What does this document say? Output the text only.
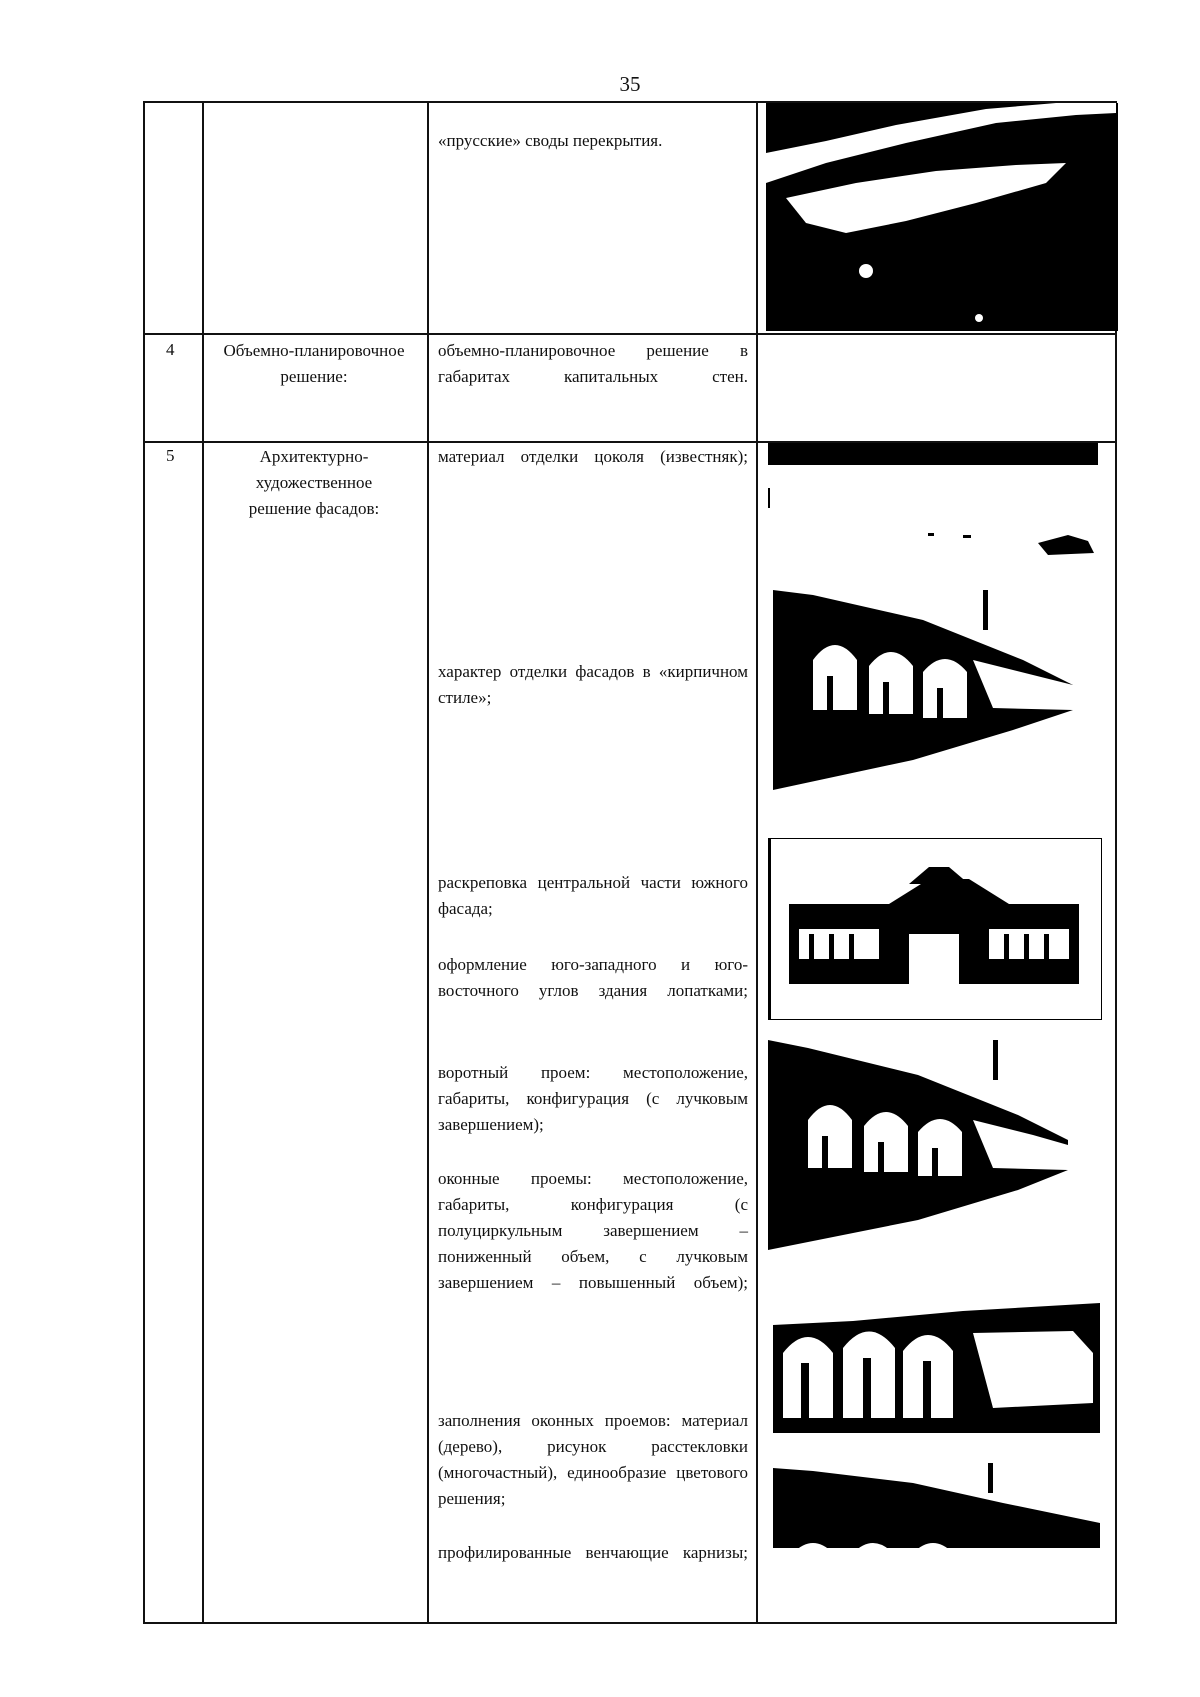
35
«прусские» своды перекрытия.
4	Объемно-планировочное решение:
объемно-планировочное решение в габаритах капитальных стен.
5	Архитектурно-художественное решение фасадов:
материал отделки цоколя (известняк);
характер отделки фасадов в «кирпичном стиле»;
раскреповка центральной части южного фасада;
оформление юго-западного и юго-восточного углов здания лопатками;
воротный проем: местоположение, габариты, конфигурация (с лучковым завершением);
оконные проемы: местоположение, габариты, конфигурация (с полуциркульным завершением – пониженный объем, с лучковым завершением – повышенный объем);
заполнения оконных проемов: материал (дерево), рисунок расстекловки (многочастный), единообразие цветового решения;
профилированные венчающие карнизы;
